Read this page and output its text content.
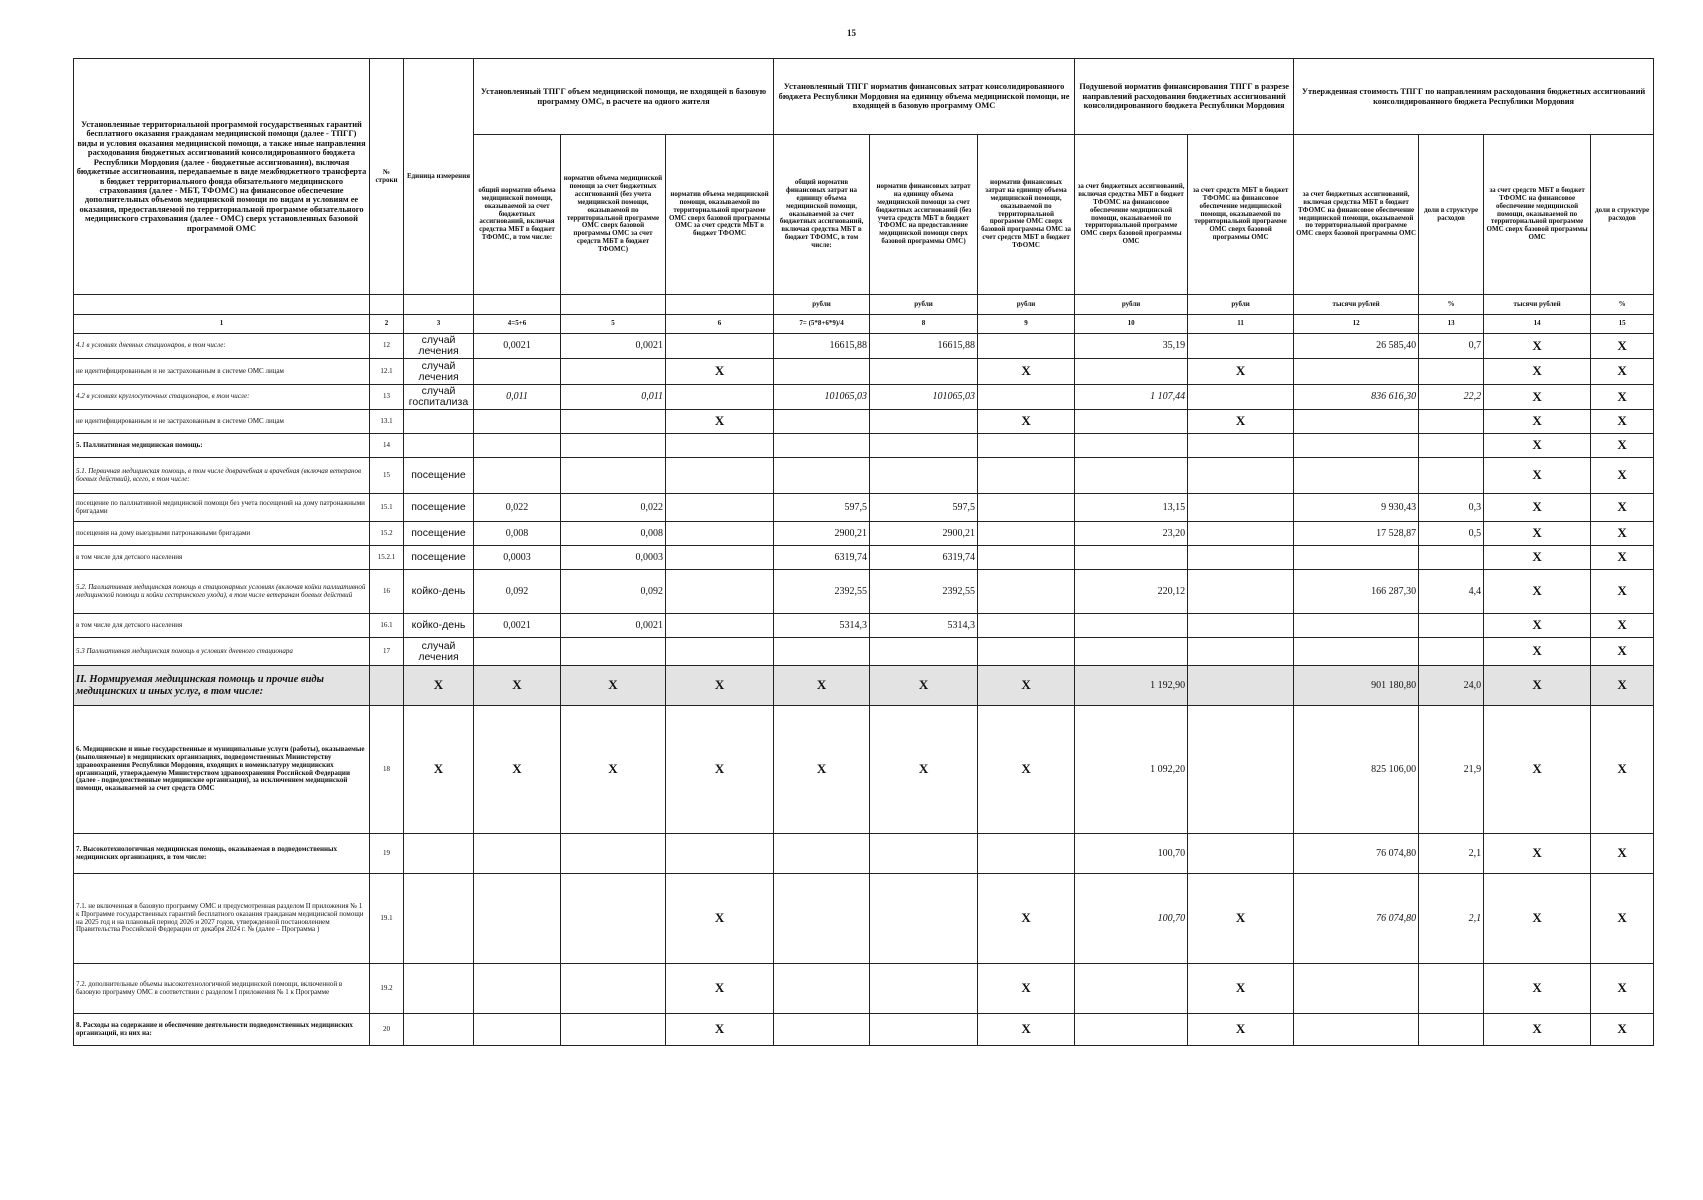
15
Установленные территориальной программой государственных гарантий бесплатного оказания гражданам медицинской помощи (далее - ТПГГ) виды и условия оказания медицинской помощи, а также иные направления расходования бюджетных ассигнований консолидированного бюджета Республики Мордовия (далее - бюджетные ассигнования), включая бюджетные ассигнования, передаваемые в виде межбюджетного трансферта в бюджет территориального фонда обязательного медицинского страхования (далее - МБТ, ТФОМС) на финансовое обеспечение дополнительных объемов медицинской помощи по видам и условиям ее оказания, предоставляемой по территориальной программе обязательного медицинского страхования (далее - ОМС) сверх установленных базовой программой ОМС	№ строки	Единица измерения	Установленный ТПГГ объем медицинской помощи, не входящей в базовую программу ОМС, в расчете на одного жителя			Установленный ТПГГ норматив финансовых затрат консолидированного бюджета Республики Мордовия на единицу объема медицинской помощи, не входящей в базовую программу ОМС			Подушевой норматив финансирования ТПГГ в разрезе направлений расходования бюджетных ассигнований консолидированного бюджета Республики Мордовия		Утвержденная стоимость ТПГГ по направлениям расходования бюджетных ассигнований консолидированного бюджета Республики Мордовия			
			общий норматив объема медицинской помощи, оказываемой за счет бюджетных ассигнований, включая средства МБТ в бюджет ТФОМС, в том числе:	норматив объема медицинской помощи за счет бюджетных ассигнований (без учета медицинской помощи, оказываемой по территориальной программе ОМС сверх базовой программы ОМС за счет средств МБТ в бюджет ТФОМС)	норматив объема медицинской помощи, оказываемой по территориальной программе ОМС сверх базовой программы ОМС за счет средств МБТ в бюджет ТФОМС	общий норматив финансовых затрат на единицу объема медицинской помощи, оказываемой за счет бюджетных ассигнований, включая средства МБТ в бюджет ТФОМС, в том числе:	норматив финансовых затрат на единицу объема медицинской помощи за счет бюджетных ассигнований (без учета средств МБТ в бюджет ТФОМС на предоставление медицинской помощи сверх базовой программы ОМС)	норматив финансовых затрат на единицу объема медицинской помощи, оказываемой по территориальной программе ОМС сверх базовой программы ОМС за счет средств МБТ в бюджет ТФОМС	за счет бюджетных ассигнований, включая средства МБТ в бюджет ТФОМС на финансовое обеспечение медицинской помощи, оказываемой по территориальной программе ОМС сверх базовой программы ОМС	за счет средств МБТ в бюджет ТФОМС на финансовое обеспечение медицинской помощи, оказываемой по территориальной программе ОМС сверх базовой программы ОМС	за счет бюджетных ассигнований, включая средства МБТ в бюджет ТФОМС на финансовое обеспечение медицинской помощи, оказываемой по территориальной программе ОМС сверх базовой программы ОМС	доли в структуре расходов	за счет средств МБТ в бюджет ТФОМС на финансовое обеспечение медицинской помощи, оказываемой по территориальной программе ОМС сверх базовой программы ОМС	доли в структуре расходов
						рубли	рубли	рубли	рубли	рубли	тысячи рублей	%	тысячи рублей	%
1	2	3	4=5+6	5	6	7= (5*8+6*9)/4	8	9	10	11	12	13	14	15
4.1 в условиях дневных стационаров, в том числе:	12	случай лечения	0,0021	0,0021		16615,88	16615,88		35,19		26 585,40	0,7	X	X
не идентифицированным и не застрахованным в системе ОМС лицам	12.1	случай лечения			X			X		X			X	X
4.2 в условиях круглосуточных стационаров, в том числе:	13	случай госпитализа	0,011	0,011		101065,03	101065,03		1 107,44		836 616,30	22,2	X	X
не идентифицированным и не застрахованным в системе ОМС лицам	13.1				X			X		X			X	X
5. Паллиативная медицинская помощь:	14												X	X
5.1. Первичная медицинская помощь, в том числе доврачебная и врачебная (включая ветеранов боевых действий), всего, в том числе:	15	посещение											X	X
посещение по паллиативной медицинской помощи без учета посещений на дому патронажными бригадами	15.1	посещение	0,022	0,022		597,5	597,5		13,15		9 930,43	0,3	X	X
посещения на дому выездными патронажными бригадами	15.2	посещение	0,008	0,008		2900,21	2900,21		23,20		17 528,87	0,5	X	X
в том числе для детского населения	15.2.1	посещение	0,0003	0,0003		6319,74	6319,74						X	X
5.2. Паллиативная медицинская помощь в стационарных условиях (включая койки паллиативной медицинской помощи и койки сестринского ухода), в том числе ветеранам боевых действий	16	койко-день	0,092	0,092		2392,55	2392,55		220,12		166 287,30	4,4	X	X
в том числе для детского населения	16.1	койко-день	0,0021	0,0021		5314,3	5314,3						X	X
5.3 Паллиативная медицинская помощь в условиях дневного стационара	17	случай лечения											X	X
II. Нормируемая медицинская помощь и прочие виды медицинских и иных услуг, в том числе:		X	X	X	X	X	X	X	1 192,90		901 180,80	24,0	X	X
6. Медицинские и иные государственные и муниципальные услуги (работы), оказываемые (выполняемые) в медицинских организациях, подведомственных Министерству здравоохранения Республики Мордовия, входящих в номенклатуру медицинских организаций, утверждаемую Министерством здравоохранения Российской Федерации (далее - подведомственные медицинские организации), за исключением медицинской помощи, оказываемой за счет средств ОМС	18	X	X	X	X	X	X	X	1 092,20		825 106,00	21,9	X	X
7. Высокотехнологичная медицинская помощь, оказываемая в подведомственных медицинских организациях, в том числе:	19								100,70		76 074,80	2,1	X	X
7.1. не включенная в базовую программу ОМС и предусмотренная разделом II приложения № 1 к Программе государственных гарантий бесплатного оказания гражданам медицинской помощи на 2025 год и на плановый период 2026 и 2027 годов, утвержденной постановлением Правительства Российской Федерации от декабря 2024 г. № (далее – Программа )	19.1				X			X	100,70	X	76 074,80	2,1	X	X
7.2. дополнительные объемы высокотехнологичной медицинской помощи, включенной в базовую программу ОМС в соответствии с разделом I приложения № 1 к Программе	19.2				X			X		X			X	X
8. Расходы на содержание и обеспечение деятельности подведомственных медицинских организаций, из них на:	20				X			X		X			X	X
